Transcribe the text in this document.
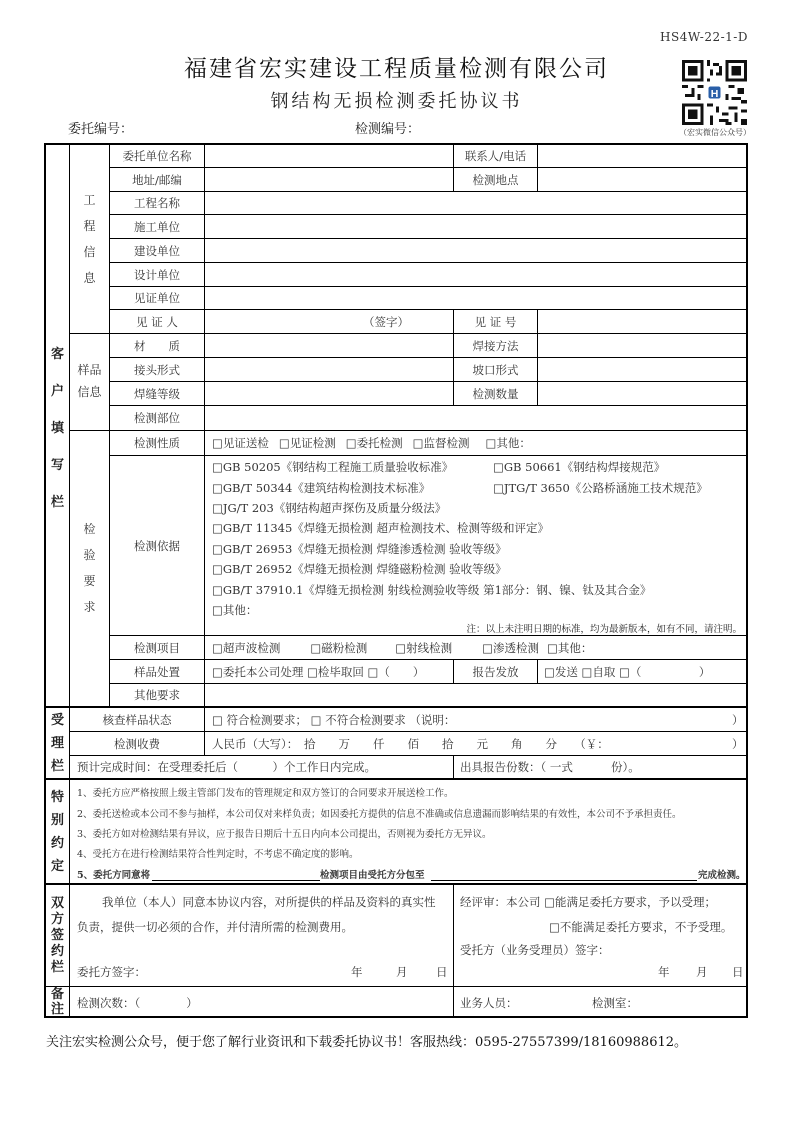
HS4W-22-1-D
福建省宏实建设工程质量检测有限公司
钢结构无损检测委托协议书
委托编号：	检测编号：
H
（宏实微信公众号）
客
户
填
写
栏
受
理
栏
特
别
约
定
双
方
签
约
栏
备
注
工
程
信
息
样品
信息
检
验
要
求
委托单位名称	联系人/电话
地址/邮编	检测地点
工程名称
施工单位
建设单位
设计单位
见证单位
见 证 人	（签字）	见 证 号
材　　质	焊接方法
接头形式	坡口形式
焊缝等级	检测数量
检测部位
检测性质	□见证送检 □见证检测 □委托检测 □监督检测 □其他：
检测依据
□GB 50205《钢结构工程施工质量验收标准》	□GB 50661《钢结构焊接规范》
□GB/T 50344《建筑结构检测技术标准》	□JTG/T 3650《公路桥涵施工技术规范》
□JG/T 203《钢结构超声探伤及质量分级法》
□GB/T 11345《焊缝无损检测 超声检测技术、检测等级和评定》
□GB/T 26953《焊缝无损检测 焊缝渗透检测 验收等级》
□GB/T 26952《焊缝无损检测 焊缝磁粉检测 验收等级》
□GB/T 37910.1《焊缝无损检测 射线检测验收等级 第1部分：钢、镍、钛及其合金》
□其他：
注：以上未注明日期的标准，均为最新版本，如有不同，请注明。
检测项目	□超声波检测	□磁粉检测 □射线检测	□渗透检测 □其他：
样品处置	□委托本公司处理 □检毕取回 □（　　）	报告发放	□发送 □自取 □（　　　　　）
其他要求
核查样品状态	□ 符合检测要求； □ 不符合检测要求 （说明：	）
检测收费	人民币（大写）：　拾　　万　　仟　　佰　　拾　　元　　角　　分　　（￥：	）
预计完成时间：在受理委托后（　　　）个工作日内完成。	出具报告份数：（ 一式　　　 份）。
1、委托方应严格按照上级主管部门发布的管理规定和双方签订的合同要求开展送检工作。
2、委托送检或本公司不参与抽样，本公司仅对来样负责；如因委托方提供的信息不准确或信息遗漏而影响结果的有效性，本公司不予承担责任。
3、委托方如对检测结果有异议，应于报告日期后十五日内向本公司提出，否则视为委托方无异议。
4、受托方在进行检测结果符合性判定时，不考虑不确定度的影响。
5、委托方同意将	检测项目由受托方分包至	完成检测。
我单位（本人）同意本协议内容，对所提供的样品及资料的真实性
负责，提供一切必须的合作，并付清所需的检测费用。
委托方签字：	年	月 日
经评审：本公司 □能满足委托方要求，予以受理；
□不能满足委托方要求，不予受理。
受托方（业务受理员）签字：
年 月 日
检测次数：（　　　　）	业务人员：	检测室：
关注宏实检测公众号，便于您了解行业资讯和下载委托协议书！客服热线：0595-27557399/18160988612。
